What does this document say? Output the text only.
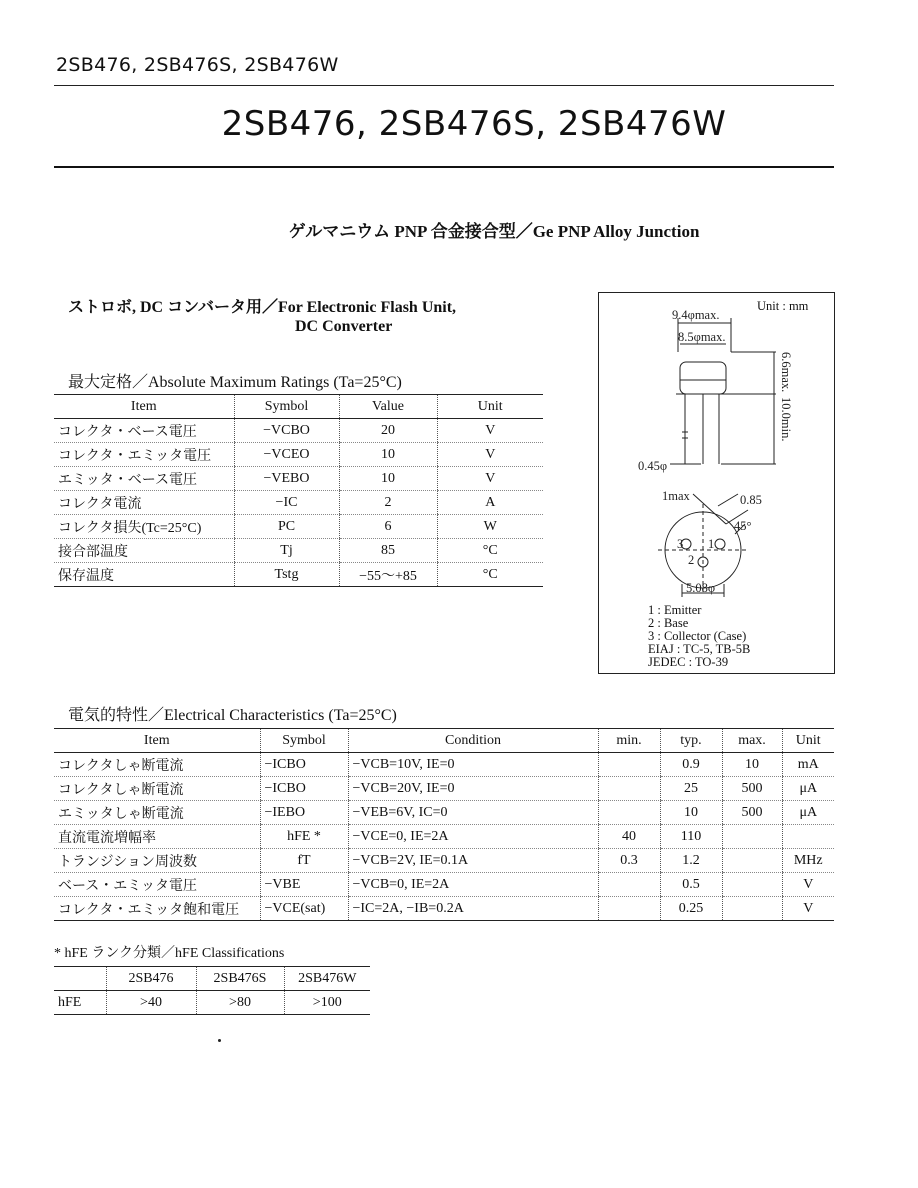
2SB476, 2SB476S, 2SB476W
2SB476, 2SB476S, 2SB476W
ゲルマニウム PNP 合金接合型／Ge PNP Alloy Junction
ストロボ, DC コンバータ用／For Electronic Flash Unit,
DC Converter
最大定格／Absolute Maximum Ratings (Ta=25°C)
Item	Symbol	Value	Unit
コレクタ・ベース電圧	−VCBO	20	V
コレクタ・エミッタ電圧	−VCEO	10	V
エミッタ・ベース電圧	−VEBO	10	V
コレクタ電流	−IC	2	A
コレクタ損失(Tc=25°C)	PC	6	W
接合部温度	Tj	85	°C
保存温度	Tstg	−55〜+85	°C
Unit : mm
9.4φmax.
8.5φmax.
6.6max.
10.0min.
0.45φ
1max	0.85
45°
3 1
2
5.08φ
1 : Emitter
2 : Base
3 : Collector (Case)
EIAJ : TC-5, TB-5B
JEDEC : TO-39
電気的特性／Electrical Characteristics (Ta=25°C)
Item	Symbol	Condition	min.	typ.	max.	Unit
コレクタしゃ断電流	−ICBO	−VCB=10V, IE=0		0.9	10	mA
コレクタしゃ断電流	−ICBO	−VCB=20V, IE=0		25	500	μA
エミッタしゃ断電流	−IEBO	−VEB=6V, IC=0		10	500	μA
直流電流増幅率	hFE *	−VCE=0, IE=2A	40	110		
トランジション周波数	fT	−VCB=2V, IE=0.1A	0.3	1.2		MHz
ベース・エミッタ電圧	−VBE	−VCB=0, IE=2A		0.5		V
コレクタ・エミッタ飽和電圧	−VCE(sat)	−IC=2A, −IB=0.2A		0.25		V
* hFE ランク分類／hFE Classifications
	2SB476	2SB476S	2SB476W
hFE	>40	>80	>100
